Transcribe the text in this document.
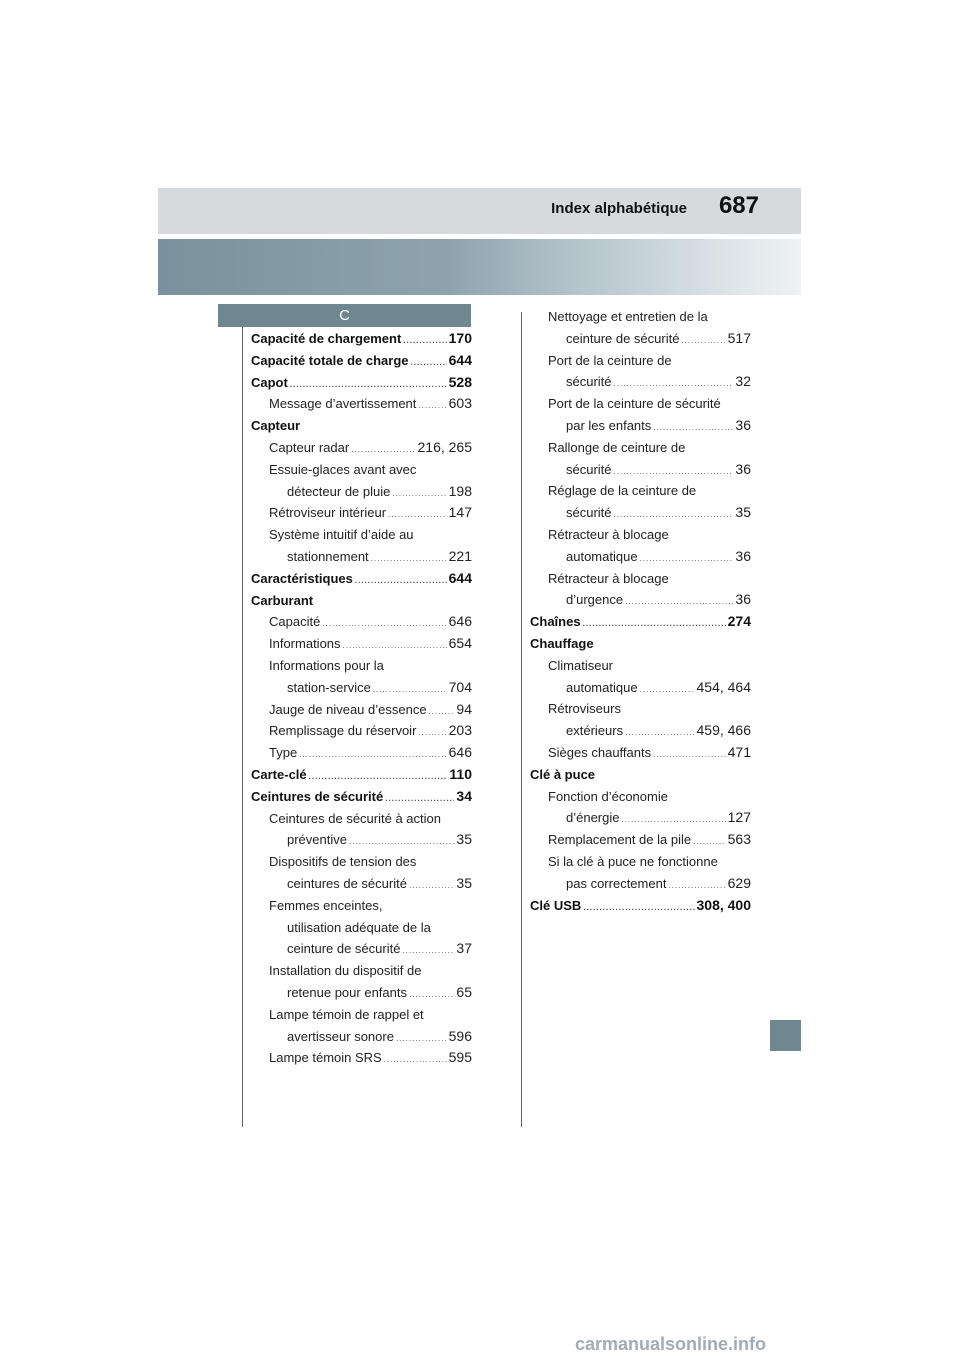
Index alphabétique 687
C
Capacité de chargement .....	170
Capacité totale de charge .....	644
Capot .....	528
Message d’avertissement ..... 603
Capteur
Capteur radar .....	216, 265
Essuie-glaces avant avec
détecteur de pluie .....	198
Rétroviseur intérieur .....	147
Système intuitif d’aide au
stationnement .....	221
Caractéristiques .....	644
Carburant
Capacité .....	646
Informations .....	654
Informations pour la
station-service .....	704
Jauge de niveau d’essence ..... 94
Remplissage du réservoir ..... 203
Type .....	646
Carte-clé .....	110
Ceintures de sécurité .....	34
Ceintures de sécurité à action
préventive .....	35
Dispositifs de tension des
ceintures de sécurité .....	35
Femmes enceintes,
utilisation adéquate de la
ceinture de sécurité .....	37
Installation du dispositif de
retenue pour enfants .....	65
Lampe témoin de rappel et
avertisseur sonore .....	596
Lampe témoin SRS .....	595
Nettoyage et entretien de la
ceinture de sécurité .....	517
Port de la ceinture de
sécurité .....	32
Port de la ceinture de sécurité
par les enfants .....	36
Rallonge de ceinture de
sécurité .....	36
Réglage de la ceinture de
sécurité .....	35
Rétracteur à blocage
automatique .....	36
Rétracteur à blocage
d’urgence .....	36
Chaînes .....	274
Chauffage
Climatiseur
automatique .....	454, 464
Rétroviseurs
extérieurs .....	459, 466
Sièges chauffants .....	471
Clé à puce
Fonction d’économie
d’énergie .....	127
Remplacement de la pile .....	563
Si la clé à puce ne fonctionne
pas correctement .....	629
Clé USB .....	308, 400
carmanualsonline.info
